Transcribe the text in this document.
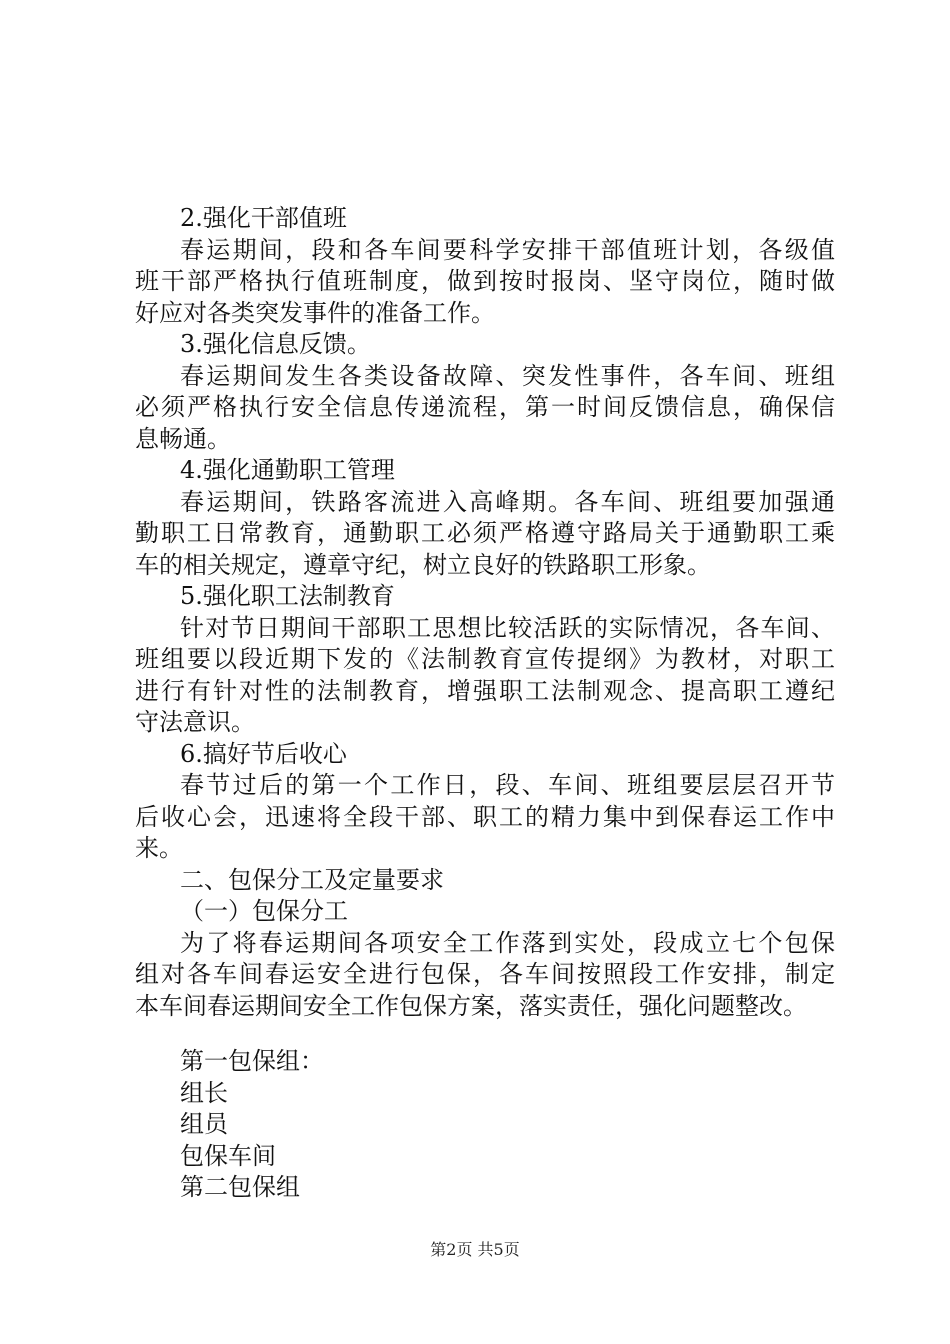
2.强化干部值班
春运期间，段和各车间要科学安排干部值班计划，各级值
班干部严格执行值班制度，做到按时报岗、坚守岗位，随时做
好应对各类突发事件的准备工作。
3.强化信息反馈。
春运期间发生各类设备故障、突发性事件，各车间、班组
必须严格执行安全信息传递流程，第一时间反馈信息，确保信
息畅通。
4.强化通勤职工管理
春运期间，铁路客流进入高峰期。各车间、班组要加强通
勤职工日常教育，通勤职工必须严格遵守路局关于通勤职工乘
车的相关规定，遵章守纪，树立良好的铁路职工形象。
5.强化职工法制教育
针对节日期间干部职工思想比较活跃的实际情况，各车间、
班组要以段近期下发的《法制教育宣传提纲》为教材，对职工
进行有针对性的法制教育，增强职工法制观念、提高职工遵纪
守法意识。
6.搞好节后收心
春节过后的第一个工作日，段、车间、班组要层层召开节
后收心会，迅速将全段干部、职工的精力集中到保春运工作中
来。
二、包保分工及定量要求
（一）包保分工
为了将春运期间各项安全工作落到实处，段成立七个包保
组对各车间春运安全进行包保，各车间按照段工作安排，制定
本车间春运期间安全工作包保方案，落实责任，强化问题整改。
第一包保组：
组长
组员
包保车间
第二包保组
第2页 共5页
